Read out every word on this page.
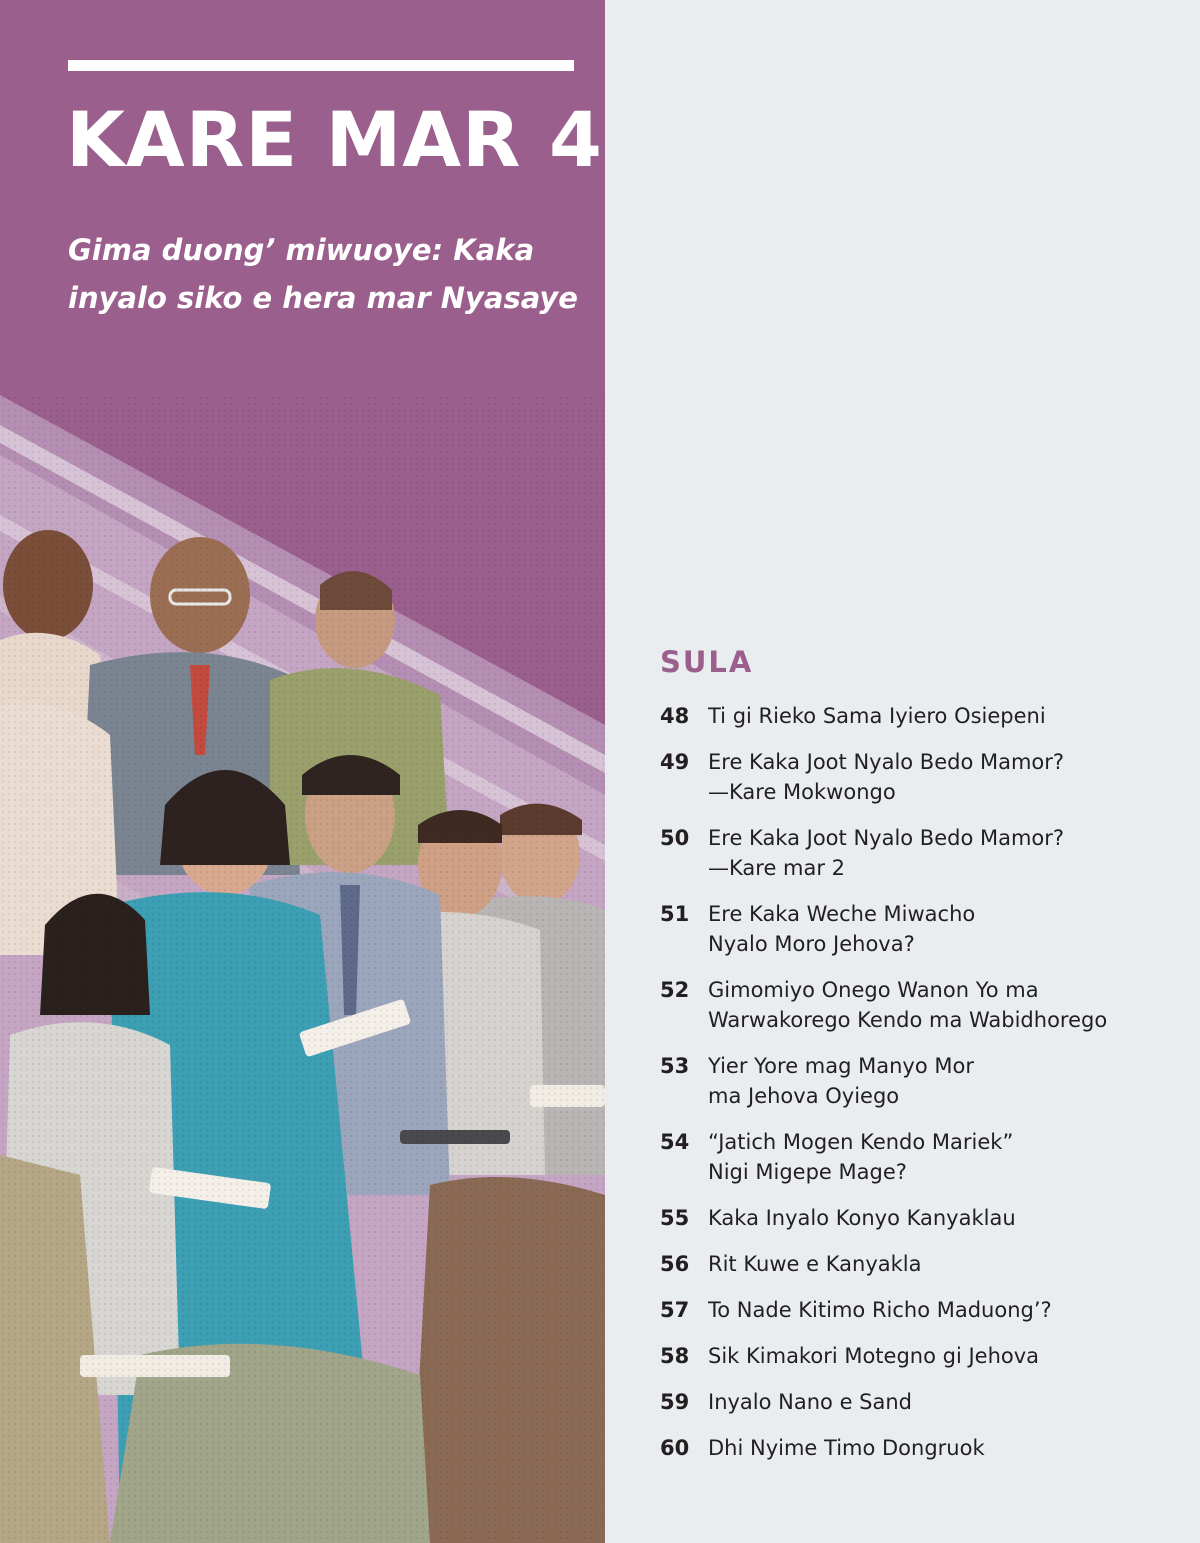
KARE MAR 4

Gima duong’ miwuoye: Kaka
inyalo siko e hera mar Nyasaye

SULA
48 Ti gi Rieko Sama Iyiero Osiepeni
49 Ere Kaka Joot Nyalo Bedo Mamor?
—Kare Mokwongo
50 Ere Kaka Joot Nyalo Bedo Mamor?
—Kare mar 2
51 Ere Kaka Weche Miwacho
Nyalo Moro Jehova?
52 Gimomiyo Onego Wanon Yo ma
Warwakorego Kendo ma Wabidhorego
53 Yier Yore mag Manyo Mor
ma Jehova Oyiego
54 “Jatich Mogen Kendo Mariek”
Nigi Migepe Mage?
55 Kaka Inyalo Konyo Kanyaklau
56 Rit Kuwe e Kanyakla
57 To Nade Kitimo Richo Maduong’?
58 Sik Kimakori Motegno gi Jehova
59 Inyalo Nano e Sand
60 Dhi Nyime Timo Dongruok
